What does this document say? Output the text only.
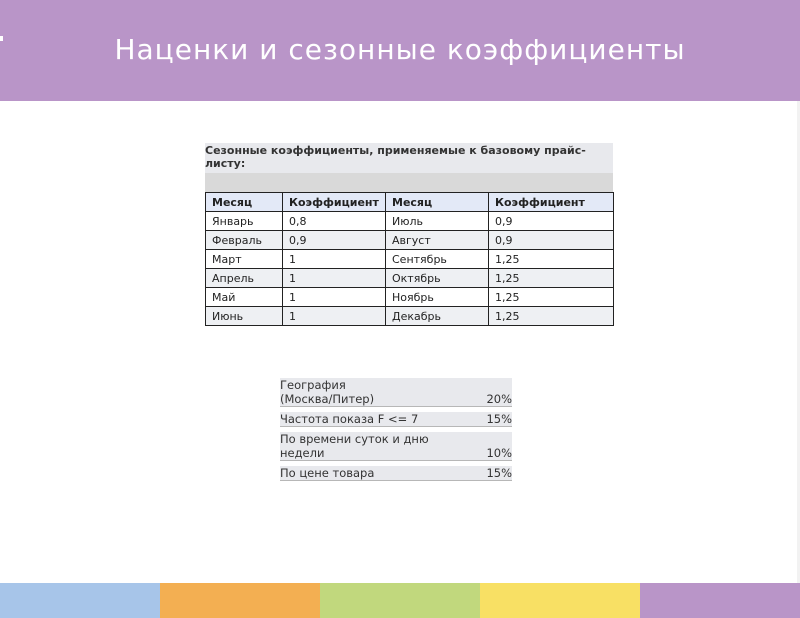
Наценки и сезонные коэффициенты
Сезонные коэффициенты, применяемые к базовому прайс-листу:
Месяц	Коэффициент	Месяц	Коэффициент
Январь	0,8	Июль	0,9
Февраль	0,9	Август	0,9
Март	1	Сентябрь	1,25
Апрель	1	Октябрь	1,25
Май	1	Ноябрь	1,25
Июнь	1	Декабрь	1,25
География
(Москва/Питер)	20%

Частота показа F <= 7	15%

По времени суток и дню
недели	10%

По цене товара	15%
